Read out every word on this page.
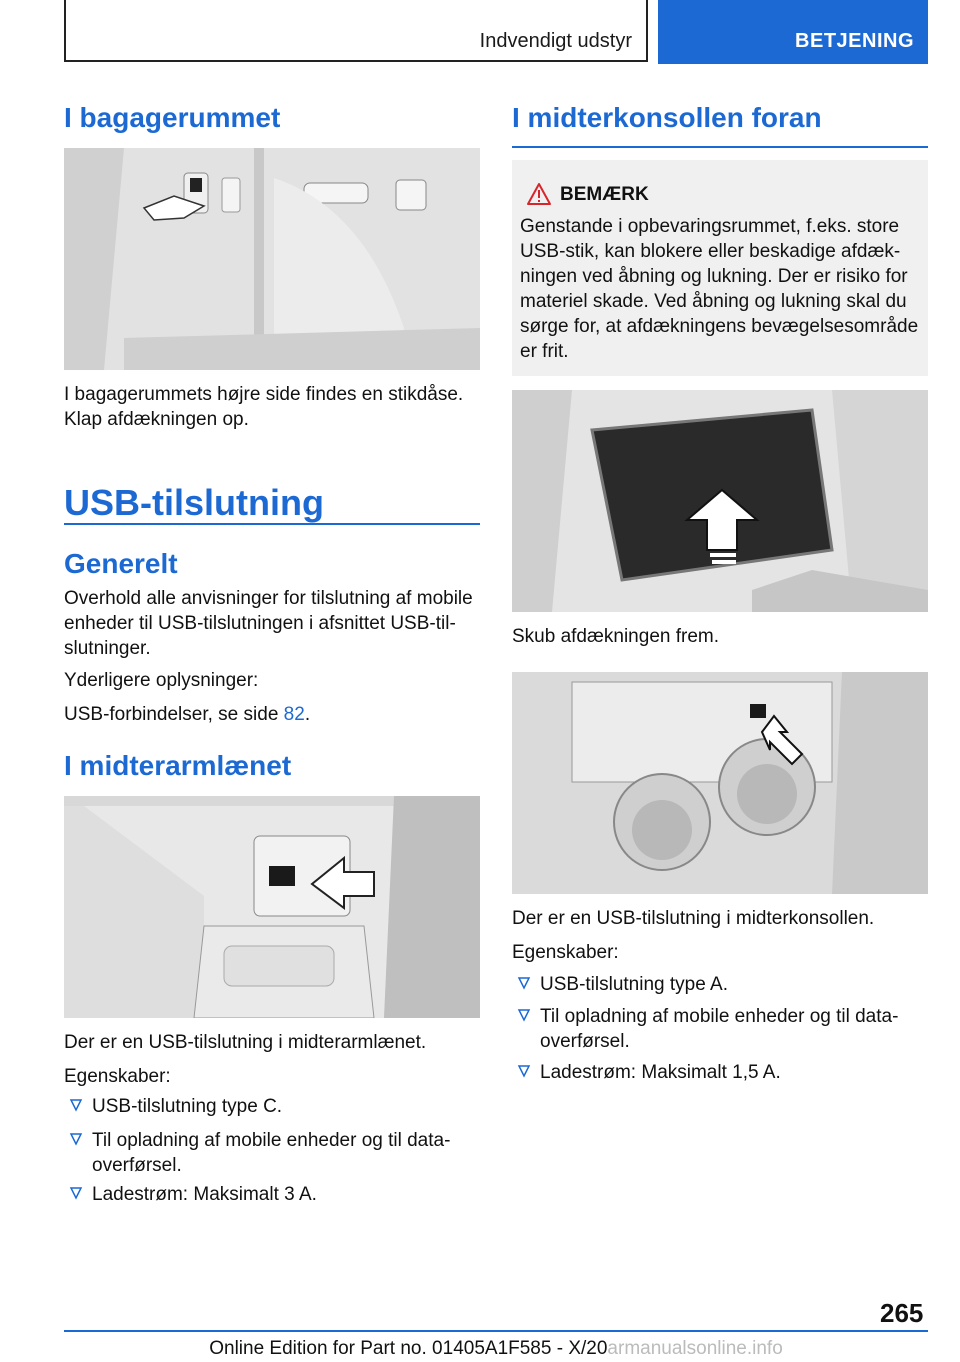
Indvendigt udstyr	BETJENING
I bagagerummet
I bagagerummets højre side findes en stikdåse. Klap afdækningen op.
USB-tilslutning
Generelt
Overhold alle anvisninger for tilslutning af mobile enheder til USB-tilslutningen i afsnittet USB-til-slutninger.
Yderligere oplysninger:
USB-forbindelser, se side 82.
I midterarmlænet
Der er en USB-tilslutning i midterarmlænet.
Egenskaber:
USB-tilslutning type C.
Til opladning af mobile enheder og til data-overførsel.
Ladestrøm: Maksimalt 3 A.
I midterkonsollen foran
BEMÆRK
Genstande i opbevaringsrummet, f.eks. store USB-stik, kan blokere eller beskadige afdæk-ningen ved åbning og lukning. Der er risiko for materiel skade. Ved åbning og lukning skal du sørge for, at afdækningens bevægelsesområde er frit.
Skub afdækningen frem.
Der er en USB-tilslutning i midterkonsollen.
Egenskaber:
USB-tilslutning type A.
Til opladning af mobile enheder og til data-overførsel.
Ladestrøm: Maksimalt 1,5 A.
265
Online Edition for Part no. 01405A1F585 - X/20armanualsonline.info
